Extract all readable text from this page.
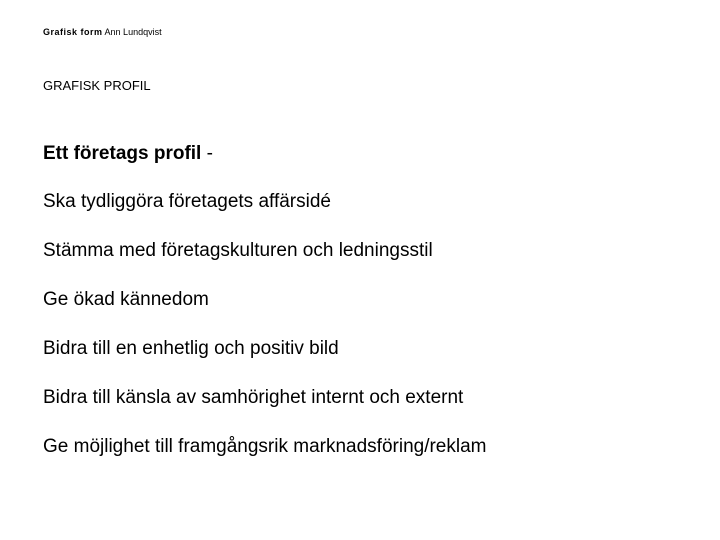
Grafisk form Ann Lundqvist
GRAFISK PROFIL
Ett företags profil -
Ska tydliggöra företagets affärsidé
Stämma med företagskulturen och ledningsstil
Ge ökad kännedom
Bidra till en enhetlig och positiv bild
Bidra till känsla av samhörighet internt och externt
Ge möjlighet till framgångsrik marknadsföring/reklam
